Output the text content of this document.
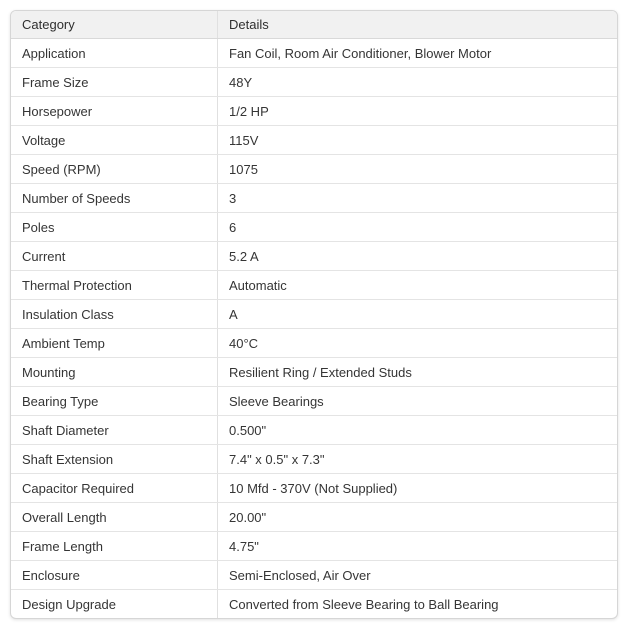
Category	Details
Application	Fan Coil, Room Air Conditioner, Blower Motor
Frame Size	48Y
Horsepower	1/2 HP
Voltage	115V
Speed (RPM)	1075
Number of Speeds	3
Poles	6
Current	5.2 A
Thermal Protection	Automatic
Insulation Class	A
Ambient Temp	40°C
Mounting	Resilient Ring / Extended Studs
Bearing Type	Sleeve Bearings
Shaft Diameter	0.500"
Shaft Extension	7.4" x 0.5" x 7.3"
Capacitor Required	10 Mfd - 370V (Not Supplied)
Overall Length	20.00"
Frame Length	4.75"
Enclosure	Semi-Enclosed, Air Over
Design Upgrade	Converted from Sleeve Bearing to Ball Bearing
